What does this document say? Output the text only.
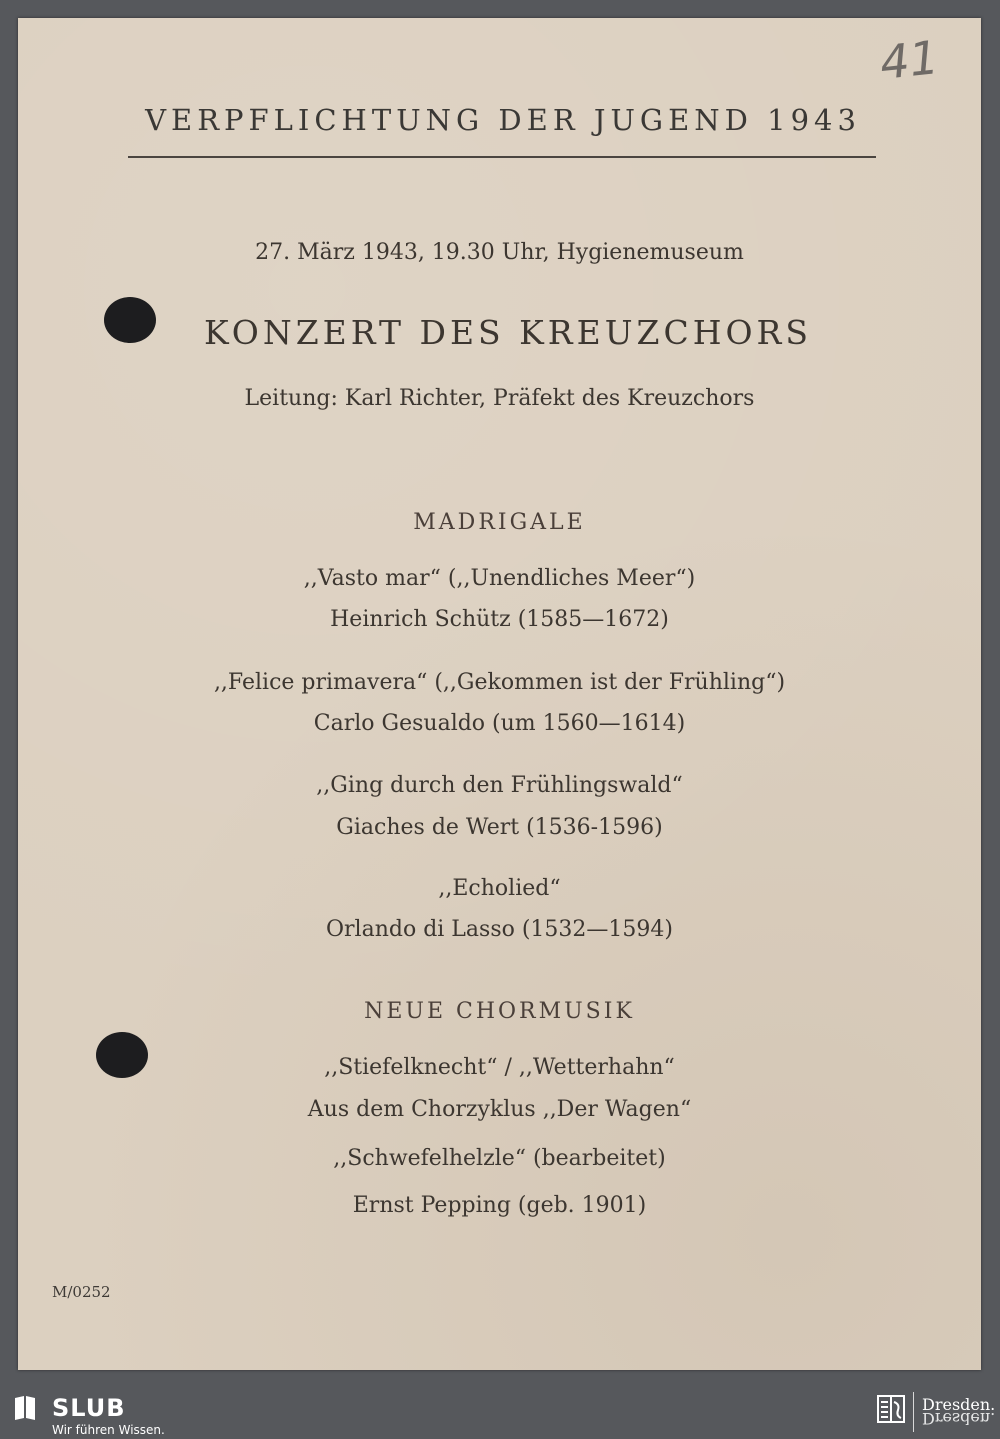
41
VERPFLICHTUNG DER JUGEND 1943
27. März 1943, 19.30 Uhr, Hygienemuseum
KONZERT DES KREUZCHORS
Leitung: Karl Richter, Präfekt des Kreuzchors
MADRIGALE
,,Vasto mar“ (,,Unendliches Meer“)
Heinrich Schütz (1585—1672)
,,Felice primavera“ (,,Gekommen ist der Frühling“)
Carlo Gesualdo (um 1560—1614)
,,Ging durch den Frühlingswald“
Giaches de Wert (1536-1596)
,,Echolied“
Orlando di Lasso (1532—1594)
NEUE CHORMUSIK
,,Stiefelknecht“ / ,,Wetterhahn“
Aus dem Chorzyklus ,,Der Wagen“
,,Schwefelhelzle“ (bearbeitet)
Ernst Pepping (geb. 1901)
M/0252
SLUB
Wir führen Wissen.
Dresden.
Dresden.
